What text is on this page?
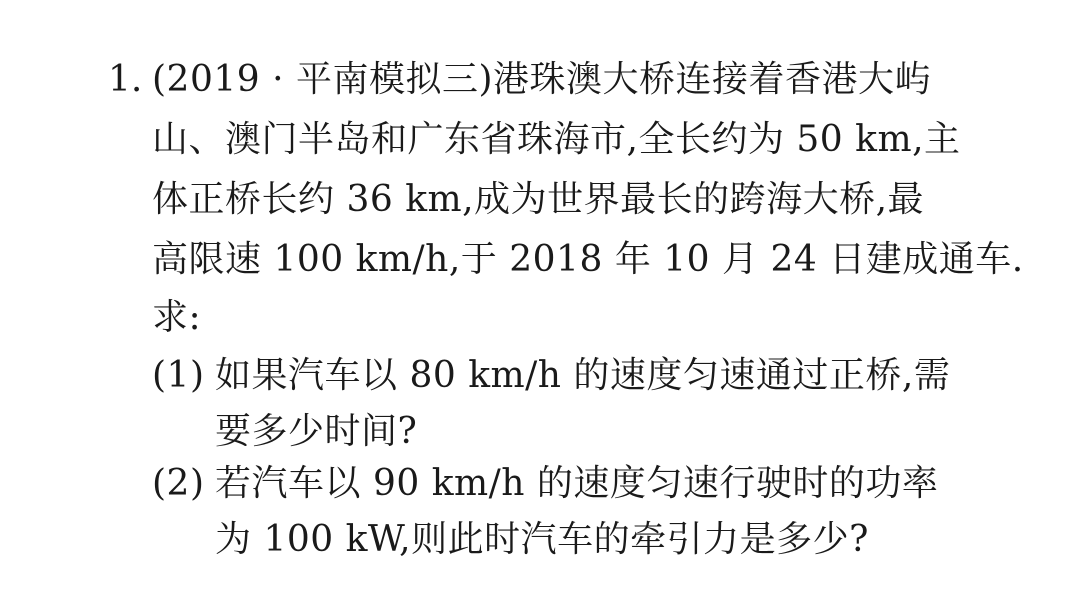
1. (2019 · 平南模拟三)港珠澳大桥连接着香港大屿
山、澳门半岛和广东省珠海市,全长约为 50 km,主
体正桥长约 36 km,成为世界最长的跨海大桥,最
高限速 100 km/h,于 2018 年 10 月 24 日建成通车.
求:
(1) 如果汽车以 80 km/h 的速度匀速通过正桥,需
要多少时间?
(2) 若汽车以 90 km/h 的速度匀速行驶时的功率
为 100 kW,则此时汽车的牵引力是多少?
